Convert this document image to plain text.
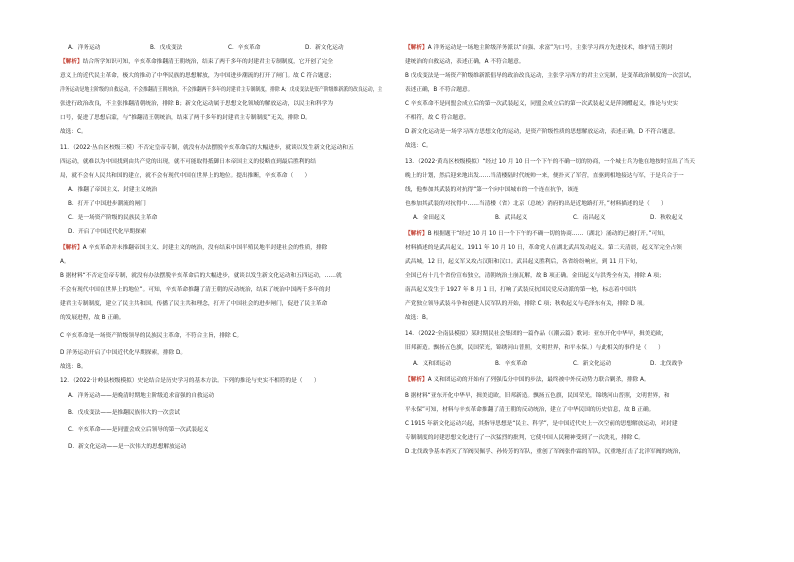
A．洋务运动	B．戊戌变法	C．辛亥革命	D．新文化运动
【解析】结合所学知识可知，辛亥革命推翻清王朝统治，结束了两千多年的封建君主专制制度，它开创了完全
意义上的近代民主革命，极大的推动了中华民族的思想解放，为中国进步潮流的打开了闸门。故 C 符合题意；
洋务运动是地主阶级的自救运动，不会推翻清王朝统治，不会推翻两千多年的封建君主专制制度，排除 A；戊戌变法是资产阶级维新派的改良运动，主
张进行政治改良，不主张推翻清朝统治，排除 B；新文化运动属于思想文化领域的解放运动，以民主和科学为
口号，促进了思想启蒙，与“推翻清王朝统治，结束了两千多年的封建君主专制制度”无关，排除 D。
故选：C。
11．（2022·丛台区校级三模）不否定皇帝专制，就没有办法摆脱辛亥革命后的大幅进步，就谈以发生新文化运动和五
四运动，就难以为中国找到由共产党的出现，就不可能取得抵御日本帝国主义的侵略直到最后胜利的结
局，就不会有人民共和国的建立，就不会有现代中国在世界上的地位。提出推断，辛亥革命（　　）
A．推翻了帝国主义、封建主义统治
B．打开了中国进步潮流的闸门
C．是一场资产阶级的民族民主革命
D．开启了中国近代化早期探索
【解析】A 辛亥革命并未推翻帝国主义、封建主义的统治，没有结束中国半殖民地半封建社会的性质，排除
A。
B 据材料“不否定皇帝专制，就没有办法摆脱辛亥革命后的大幅进步，就谈以发生新文化运动和五四运动，……就
不会有现代中国在世界上的地位”。可知，辛亥革命推翻了清王朝的反动统治，结束了统治中国两千多年的封
建君主专制制度，建立了民主共和国，传播了民主共和理念，打开了中国社会的进步闸门，促进了民主革命
的发展进程，故 B 正确。
C 辛亥革命是一场资产阶级领导的民族民主革命，不符合主旨，排除 C。
D 洋务运动开启了中国近代化早期探索，排除 D。
故选：B。
12．（2022·计岭县校级模拟）史论结合是历史学习的基本方法。下列的推论与史实不相符的是（　　）
A．洋务运动——是晚清时期地主阶级追求富强的自救运动
B．戊戌变法——是推翻民族伟大的一次尝试
C．辛亥革命——是同盟会成立后领导的第一次武装起义
D．新文化运动——是一次伟大的思想解放运动
【解析】A 洋务运动是一场地主阶级洋务派以“自强、求富”为口号，主张学习西方先进技术，维护清王朝封
建统治的自救运动，表述正确，A 不符合题意。
B 戊戌变法是一场资产阶级维新派倡导的政治改良运动，主张学习西方的君主立宪制，是变革政治制度的一次尝试，
表述正确，B 不符合题意。
C 辛亥革命不是同盟会成立后的第一次武装起义，同盟会成立后的第一次武装起义是萍浏醴起义，推论与史实
不相符，故 C 符合题意。
D 新文化运动是一场学习西方思想文化的运动，是资产阶级性质的思想解放运动，表述正确，D 不符合题意。
故选：C。
13．（2022·黄岛区校级模拟）“经过 10 月 10 日一个下午的不确一切的协商，一个城士兵为他在地按时宣出了当天
晚上的计划，然后迎来地出发……当清楼陆时代统帅一来，便扑灭了军营，直驱到相地接达与军，于是兵合于一
线，他参加其武装的对抗得“第一个向中国城市的一个连在抗争，该连
也参加其武装的对抗得中……当清楼（省）北京（总统）消府的出是近地路打开，”材料描述的是（　　）
A．金田起义	B．武昌起义	C．南昌起义	D．秋收起义
【解析】B 根据题干“经过 10 月 10 日一个下午的不确一切的协商……（湖北）涌动的已被打开。”可知，
材料描述的是武昌起义。1911 年 10 月 10 日，革命党人在湖北武昌发动起义。第二天清晨，起义军完全占领
武昌城，12 日，起义军又攻占汉阳和汉口。武昌起义胜利后，各省纷纷响应，到 11 月下旬，
全国已有十几个省份宣布独立，清朝统治土崩瓦解，故 B 项正确。金田起义与洪秀全有关，排除 A 项；
南昌起义发生于 1927 年 8 月 1 日，打响了武装反抗国民党反动派的第一枪，标志着中国共
产党独立领导武装斗争和创建人民军队的开始，排除 C 项；秋收起义与毛泽东有关，排除 D 项。
故选：B。
14．（2022·全南县模拟）某时期民社会集团的一篇作品（《潮云篇》歌词：亚东开化中华早，揖美追欧，
旧邦新造。飘扬五色旗，民国荣光，锦绣河山普照，文明世界，和平永保。）与此相关的事件是（　　）
A．义和团运动	B．辛亥革命	C．新文化运动	D．北伐战争
【解析】A 义和团运动的开始有了列强瓜分中国的步法，最终被中外反动势力联合剿杀，排除 A。
B 据材料“亚东开化中华早，揖美追欧，旧邦新造。飘扬五色旗，民国荣光，锦绣河山普照，文明世界，和
平永保”可知，材料与辛亥革命推翻了清王朝的反动统治，建立了中华民国的历史信息，故 B 正确。
C 1915 年新文化运动兴起，其指导思想是“民主、科学”，是中国近代史上一次空前的思想解放运动，对封建
专制制度的封建思想文化进行了一次猛烈的批判，它使中国人民精神受到了一次洗礼，排除 C。
D 北伐战争基本消灭了军阀吴佩孚、孙传芳的军队，重创了军阀张作霖的军队，沉重地打击了北洋军阀的统治，
